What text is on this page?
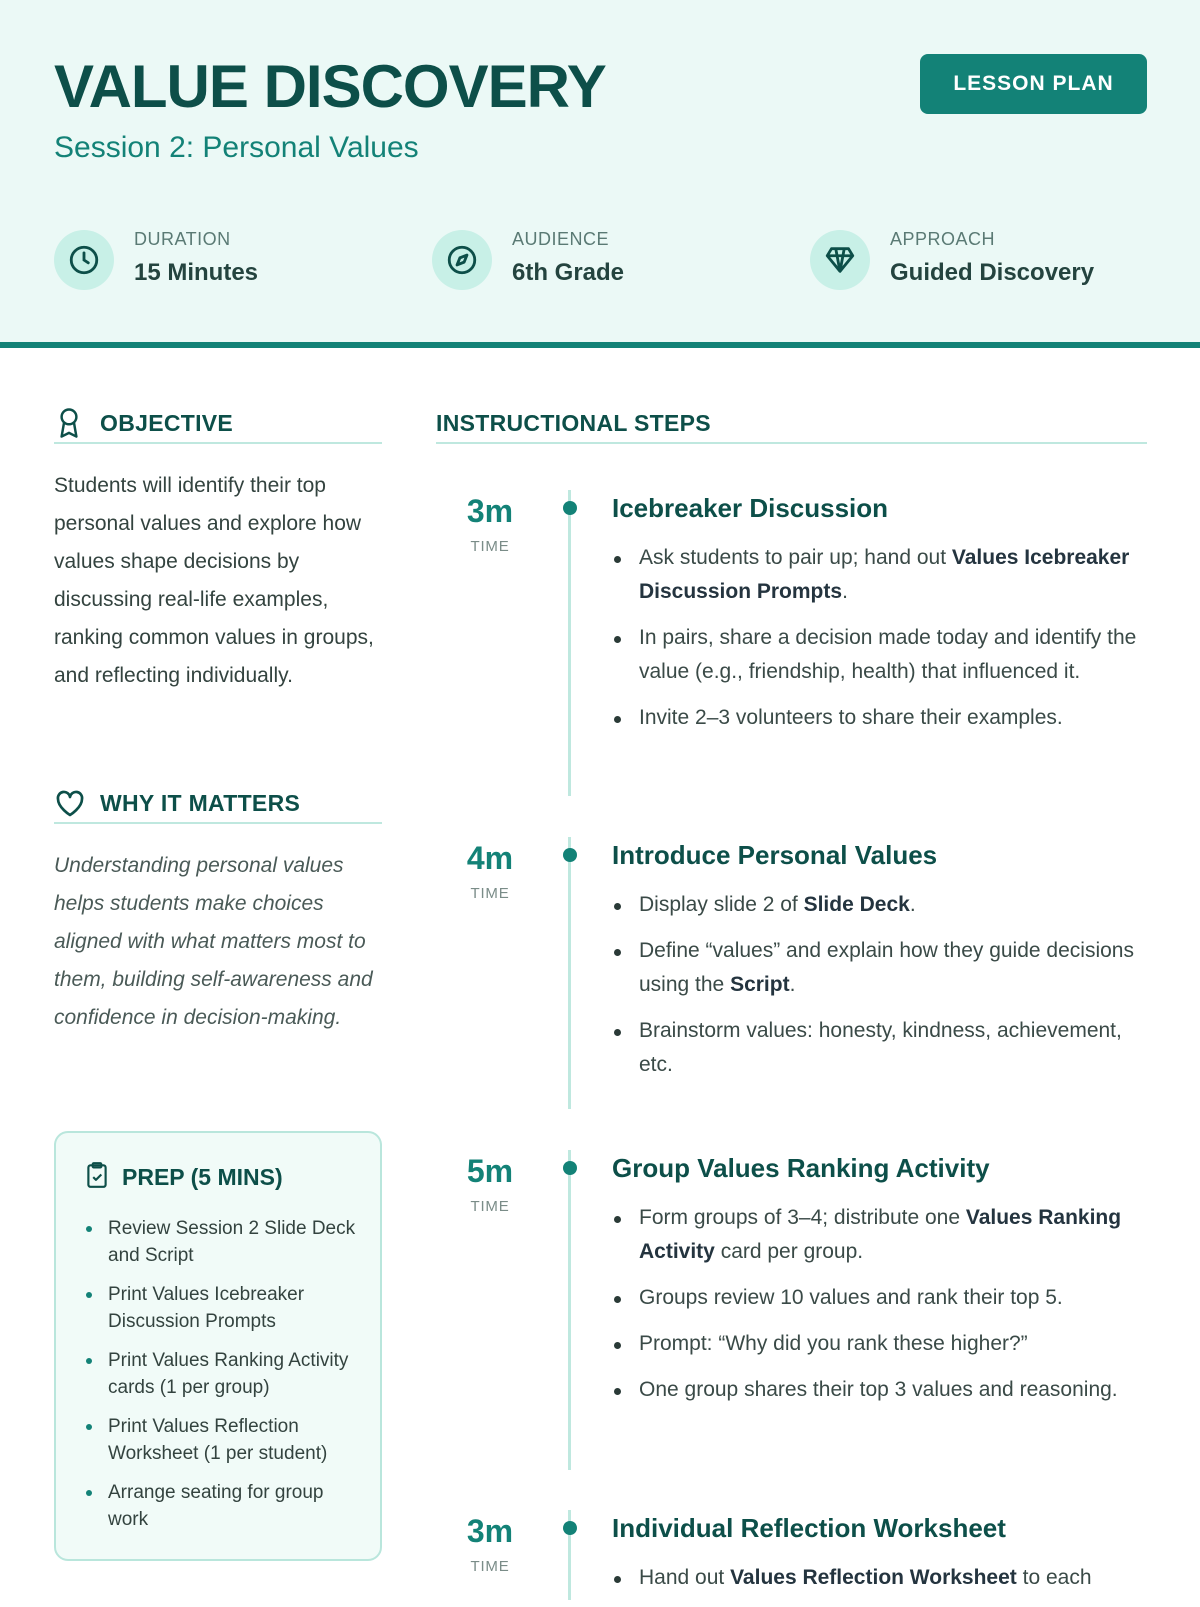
VALUE DISCOVERY
Session 2: Personal Values
LESSON PLAN
DURATION
15 Minutes
AUDIENCE
6th Grade
APPROACH
Guided Discovery
OBJECTIVE
Students will identify their top personal values and explore how values shape decisions by discussing real-life examples, ranking common values in groups, and reflecting individually.
WHY IT MATTERS
Understanding personal values helps students make choices aligned with what matters most to them, building self-awareness and confidence in decision-making.
PREP (5 MINS)
Review Session 2 Slide Deck and Script
Print Values Icebreaker Discussion Prompts
Print Values Ranking Activity cards (1 per group)
Print Values Reflection Worksheet (1 per student)
Arrange seating for group work
INSTRUCTIONAL STEPS
3m
TIME
Icebreaker Discussion
Ask students to pair up; hand out Values Icebreaker Discussion Prompts.
In pairs, share a decision made today and identify the value (e.g., friendship, health) that influenced it.
Invite 2–3 volunteers to share their examples.
4m
TIME
Introduce Personal Values
Display slide 2 of Slide Deck.
Define “values” and explain how they guide decisions using the Script.
Brainstorm values: honesty, kindness, achievement, etc.
5m
TIME
Group Values Ranking Activity
Form groups of 3–4; distribute one Values Ranking Activity card per group.
Groups review 10 values and rank their top 5.
Prompt: “Why did you rank these higher?”
One group shares their top 3 values and reasoning.
3m
TIME
Individual Reflection Worksheet
Hand out Values Reflection Worksheet to each
